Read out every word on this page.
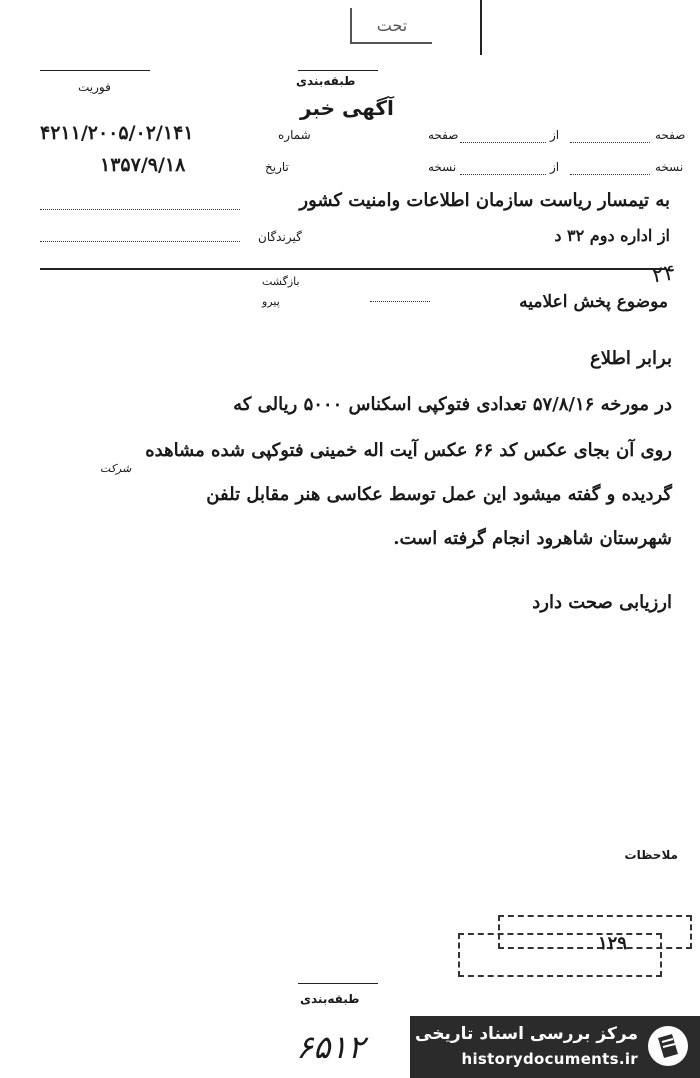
تحت
فوریت	طبقه‌بندی
آگهی خبر
صفحه
از
صفحه
شماره
۴۲۱۱/۲۰۰۵/۰۲/۱۴۱
نسخه
از
نسخه
تاریخ
۱۳۵۷/۹/۱۸
به تیمسار ریاست سازمان اطلاعات وامنیت کشور
از اداره دوم ۳۲ د
گیرندگان
بازگشت
پیرو	موضوع پخش اعلامیه
۲۴
برابر اطلاع
در مورخه ۵۷/۸/۱۶ تعدادی فتوکپی اسکناس ۵۰۰۰ ریالی که
روی آن بجای عکس کد ۶۶ عکس آیت اله خمینی فتوکپی شده مشاهده
شرکت
گردیده و گفته میشود این عمل توسط عکاسی هنر مقابل تلفن
شهرستان شاهرود انجام گرفته است.
ارزیابی صحت دارد
ملاحظات
۱۲۹
طبقه‌بندی
۶۵۱۲	مرکز بررسی اسناد تاریخی
historydocuments.ir
